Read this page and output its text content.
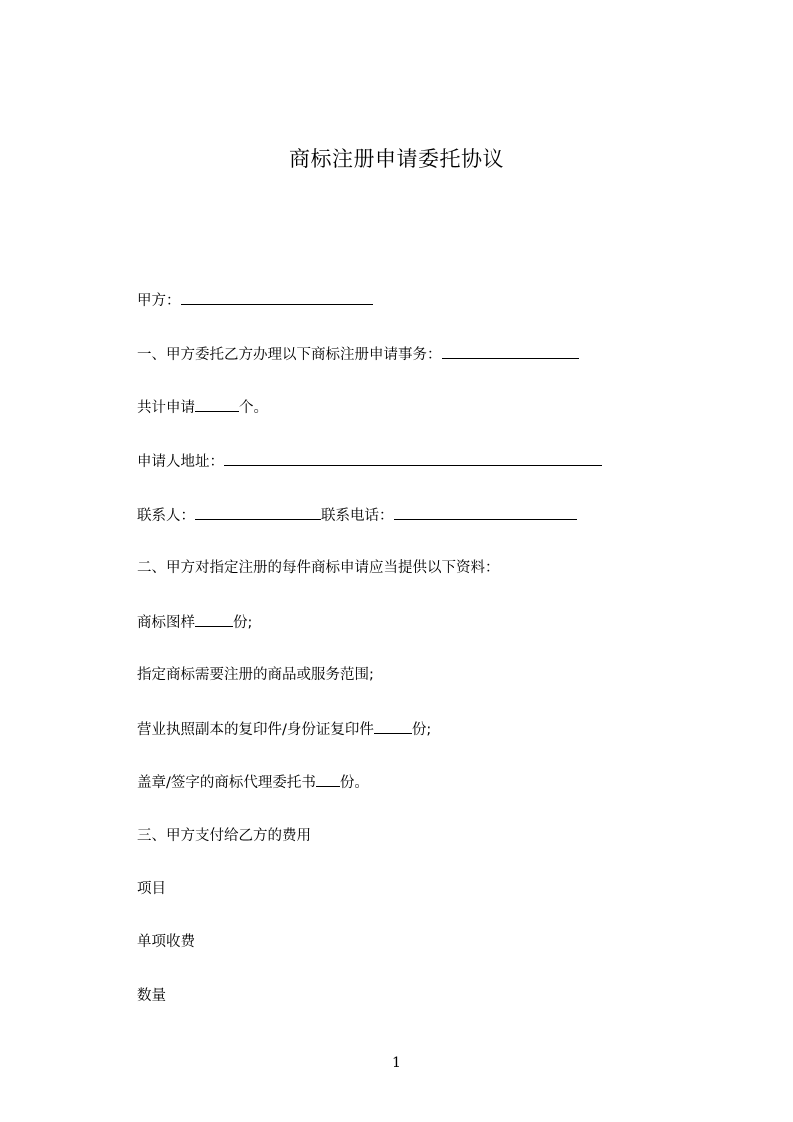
商标注册申请委托协议
甲方：
一、甲方委托乙方办理以下商标注册申请事务：
共计申请	个。
申请人地址：
联系人：	联系电话：
二、甲方对指定注册的每件商标申请应当提供以下资料：
商标图样	份;
指定商标需要注册的商品或服务范围;
营业执照副本的复印件/身份证复印件	份;
盖章/签字的商标代理委托书 份。
三、甲方支付给乙方的费用
项目
单项收费
数量
1
